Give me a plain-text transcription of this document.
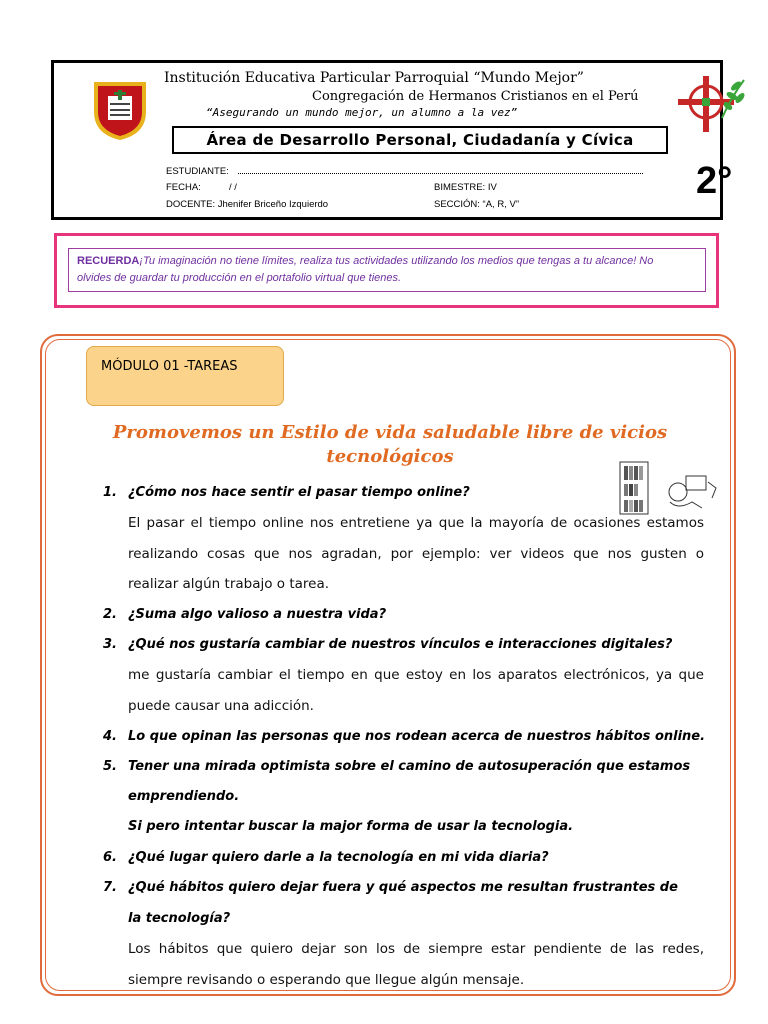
Institución Educativa Particular Parroquial “Mundo Mejor”
Congregación de Hermanos Cristianos en el Perú
“Asegurando un mundo mejor, un alumno a la vez”
Área de Desarrollo Personal, Ciudadanía y Cívica
ESTUDIANTE:
FECHA:	/ /	BIMESTRE: IV
DOCENTE: Jhenifer Briceño Izquierdo	SECCIÓN: “A, R, V”
2°
RECUERDA¡Tu imaginación no tiene límites, realiza tus actividades utilizando los medios que tengas a tu alcance! No
olvides de guardar tu producción en el portafolio virtual que tienes.
MÓDULO 01 -TAREAS
Promovemos un Estilo de vida saludable libre de vicios
tecnológicos
1. ¿Cómo nos hace sentir el pasar tiempo online?
El pasar el tiempo online nos entretiene ya que la mayoría de ocasiones estamos
realizando cosas que nos agradan, por ejemplo: ver videos que nos gusten o
realizar algún trabajo o tarea.
2. ¿Suma algo valioso a nuestra vida?
3. ¿Qué nos gustaría cambiar de nuestros vínculos e interacciones digitales?
me gustaría cambiar el tiempo en que estoy en los aparatos electrónicos, ya que
puede causar una adicción.
4. Lo que opinan las personas que nos rodean acerca de nuestros hábitos online.
5. Tener una mirada optimista sobre el camino de autosuperación que estamos
emprendiendo.
Si pero intentar buscar la major forma de usar la tecnologia.
6. ¿Qué lugar quiero darle a la tecnología en mi vida diaria?
7. ¿Qué hábitos quiero dejar fuera y qué aspectos me resultan frustrantes de
la tecnología?
Los hábitos que quiero dejar son los de siempre estar pendiente de las redes,
siempre revisando o esperando que llegue algún mensaje.
